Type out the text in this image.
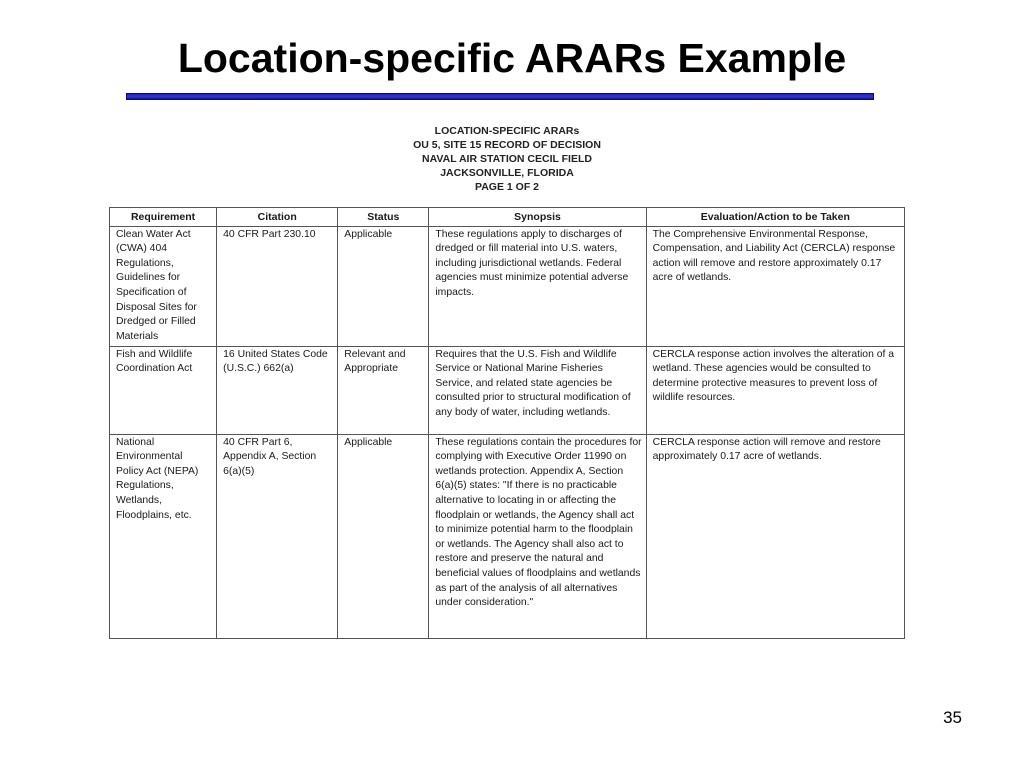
Location-specific ARARs Example
LOCATION-SPECIFIC ARARs
OU 5, SITE 15 RECORD OF DECISION
NAVAL AIR STATION CECIL FIELD
JACKSONVILLE, FLORIDA
PAGE 1 OF 2
Requirement	Citation	Status	Synopsis	Evaluation/Action to be Taken
Clean Water Act (CWA) 404 Regulations, Guidelines for Specification of Disposal Sites for Dredged or Filled Materials	40 CFR Part 230.10	Applicable	These regulations apply to discharges of dredged or fill material into U.S. waters, including jurisdictional wetlands. Federal agencies must minimize potential adverse impacts.	The Comprehensive Environmental Response, Compensation, and Liability Act (CERCLA) response action will remove and restore approximately 0.17 acre of wetlands.
Fish and Wildlife Coordination Act	16 United States Code (U.S.C.) 662(a)	Relevant and Appropriate	Requires that the U.S. Fish and Wildlife Service or National Marine Fisheries Service, and related state agencies be consulted prior to structural modification of any body of water, including wetlands.	CERCLA response action involves the alteration of a wetland. These agencies would be consulted to determine protective measures to prevent loss of wildlife resources.
National Environmental Policy Act (NEPA) Regulations, Wetlands, Floodplains, etc.	40 CFR Part 6, Appendix A, Section 6(a)(5)	Applicable	These regulations contain the procedures for complying with Executive Order 11990 on wetlands protection. Appendix A, Section 6(a)(5) states: "If there is no practicable alternative to locating in or affecting the floodplain or wetlands, the Agency shall act to minimize potential harm to the floodplain or wetlands. The Agency shall also act to restore and preserve the natural and beneficial values of floodplains and wetlands as part of the analysis of all alternatives under consideration."	CERCLA response action will remove and restore approximately 0.17 acre of wetlands.
35
